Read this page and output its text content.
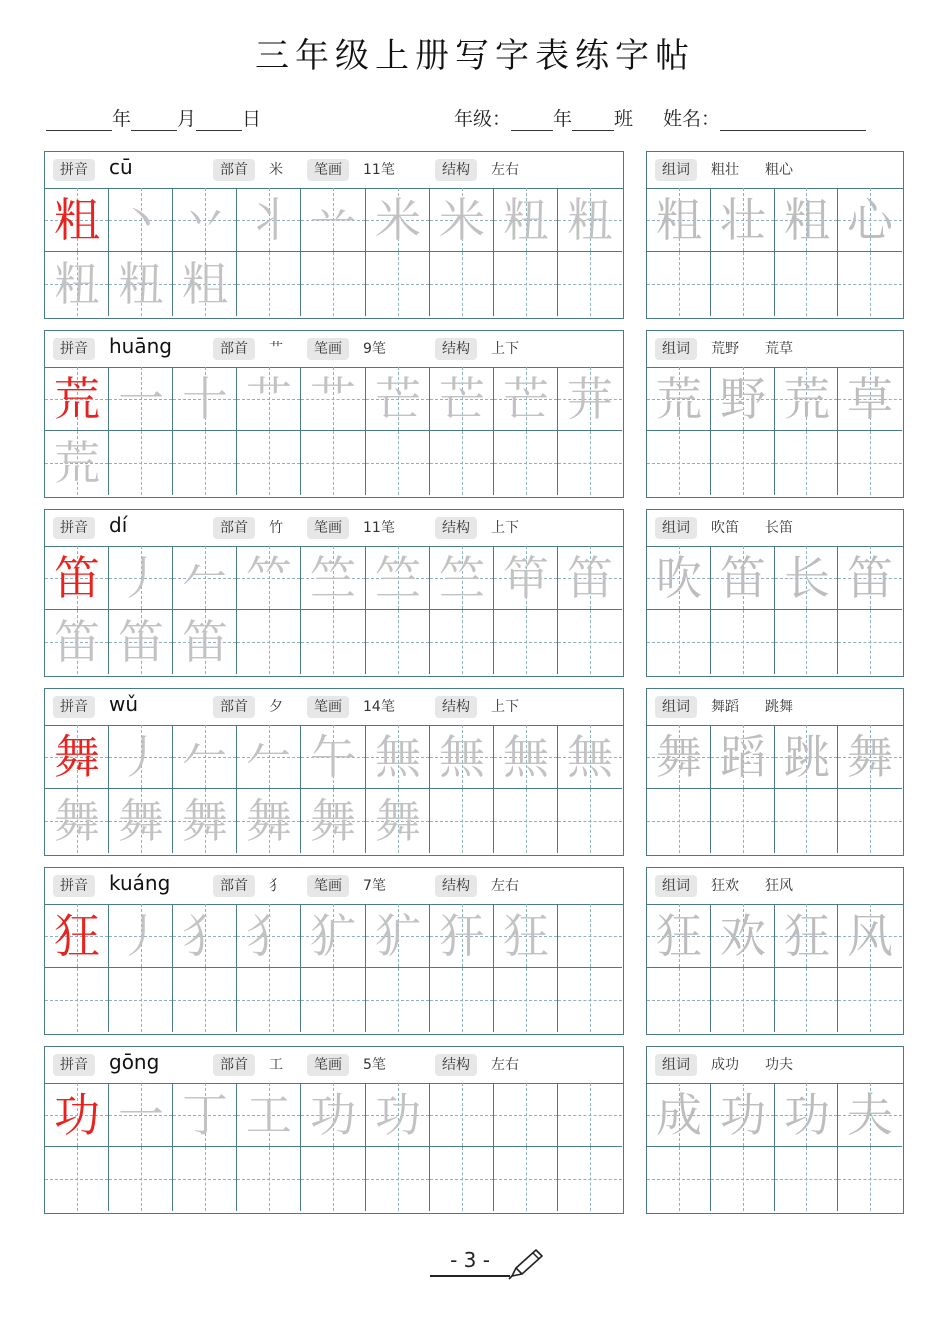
三年级上册写字表练字帖
年 月 日	年级： 年 班 姓名：
拼音	cū	部首	米	笔画	11笔	结构	左右
粗 丶 丷 丬 䒑 米 米 粈 粈
粈 粈 粗
组词	粗壮 粗心
粗 壮 粗 心
拼音	huāng	部首	艹	笔画	9笔	结构	上下
荒 一 十 艹 艹 芒 芒 芒 茾
荒
组词	荒野 荒草
荒 野 荒 草
拼音	dí	部首	竹	笔画	11笔	结构	上下
笛 丿 𠂉 𥫗 竺 竺 竺 笚 笛
笛 笛 笛
组词	吹笛 长笛
吹 笛 长 笛
拼音	wǔ	部首	夕	笔画	14笔	结构	上下
舞 丿 𠂉 𠂉 午 無 無 無 無
舞 舞 舞 舞 舞 舞
组词	舞蹈 跳舞
舞 蹈 跳 舞
拼音	kuáng	部首	犭	笔画	7笔	结构	左右
狂 丿 犭 犭 犷 犷 犴 狂
组词	狂欢 狂风
狂 欢 狂 风
拼音	gōng	部首	工	笔画	5笔	结构	左右
功 一 丁 工 功 功
组词	成功 功夫
成 功 功 夫
- 3 -
